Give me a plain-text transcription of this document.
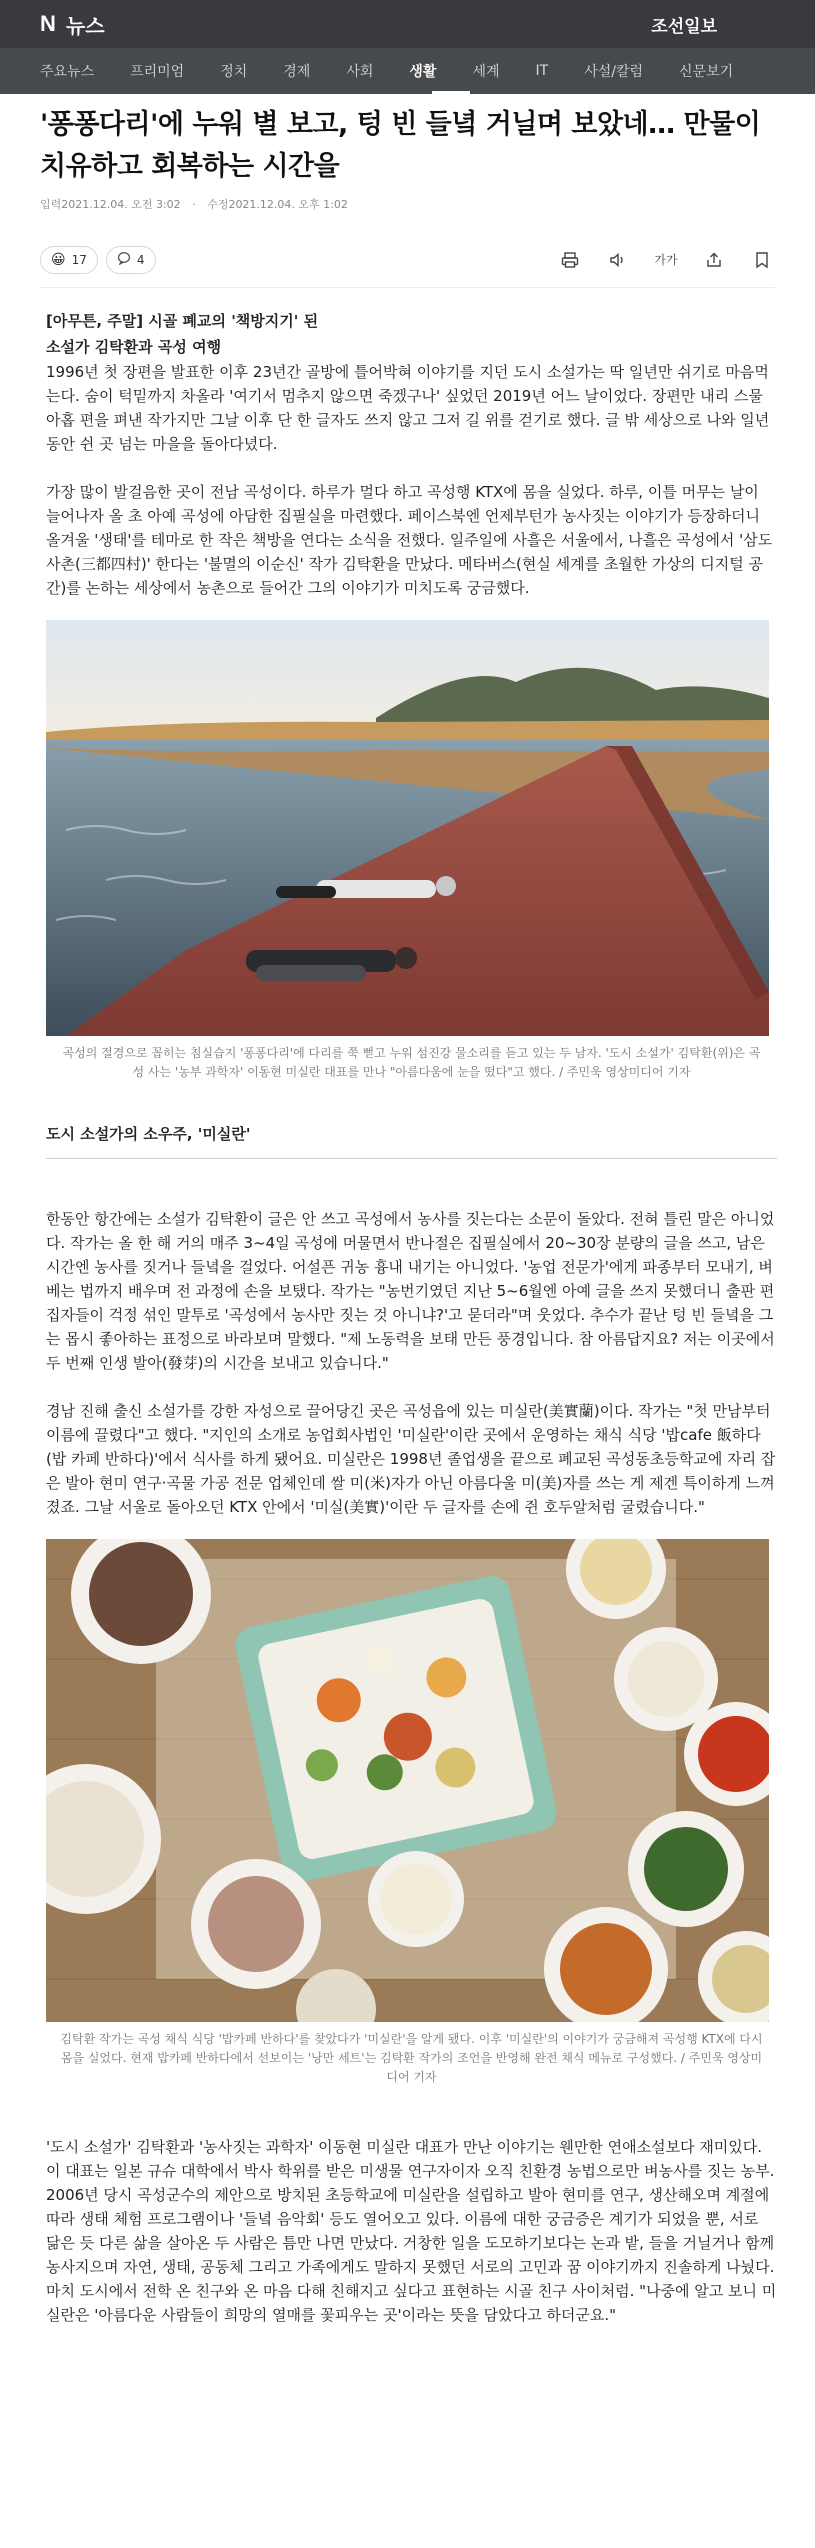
N 뉴스	조선일보
주요뉴스	프리미엄	정치	경제	사회	생활	세계	IT	사설/칼럼	신문보기
'퐁퐁다리'에 누워 별 보고, 텅 빈 들녘 거닐며 보았네… 만물이 치유하고 회복하는 시간을
입력2021.12.04. 오전 3:02 · 수정2021.12.04. 오후 1:02
😀 17	4	가가
[아무튼, 주말] 시골 폐교의 '책방지기' 된
소설가 김탁환과 곡성 여행

1996년 첫 장편을 발표한 이후 23년간 골방에 틀어박혀 이야기를 지던 도시 소설가는 딱 일년만 쉬기로 마음먹는다. 숨이 턱밑까지 차올라 '여기서 멈추지 않으면 죽겠구나' 싶었던 2019년 어느 날이었다. 장편만 내리 스물아홉 편을 펴낸 작가지만 그날 이후 단 한 글자도 쓰지 않고 그저 길 위를 걷기로 했다. 글 밖 세상으로 나와 일년 동안 쉰 곳 넘는 마을을 돌아다녔다.

가장 많이 발걸음한 곳이 전남 곡성이다. 하루가 멀다 하고 곡성행 KTX에 몸을 실었다. 하루, 이틀 머무는 날이 늘어나자 올 초 아예 곡성에 아담한 집필실을 마련했다. 페이스북엔 언제부턴가 농사짓는 이야기가 등장하더니 올겨울 '생태'를 테마로 한 작은 책방을 연다는 소식을 전했다. 일주일에 사흘은 서울에서, 나흘은 곡성에서 '삼도사촌(三都四村)' 한다는 '불멸의 이순신' 작가 김탁환을 만났다. 메타버스(현실 세계를 초월한 가상의 디지털 공간)를 논하는 세상에서 농촌으로 들어간 그의 이야기가 미치도록 궁금했다.

곡성의 절경으로 꼽히는 침실습지 '퐁퐁다리'에 다리를 쭉 뻗고 누워 섬진강 물소리를 듣고 있는 두 남자. '도시 소설가' 김탁환(위)은 곡성 사는 '농부 과학자' 이동현 미실란 대표를 만나 "아름다움에 눈을 떴다"고 했다. / 주민욱 영상미디어 기자

도시 소설가의 소우주, '미실란'

한동안 항간에는 소설가 김탁환이 글은 안 쓰고 곡성에서 농사를 짓는다는 소문이 돌았다. 전혀 틀린 말은 아니었다. 작가는 올 한 해 거의 매주 3~4일 곡성에 머물면서 반나절은 집필실에서 20~30장 분량의 글을 쓰고, 남은 시간엔 농사를 짓거나 들녘을 걸었다. 어설픈 귀농 흉내 내기는 아니었다. '농업 전문가'에게 파종부터 모내기, 벼 베는 법까지 배우며 전 과정에 손을 보탰다. 작가는 "농번기였던 지난 5~6월엔 아예 글을 쓰지 못했더니 출판 편집자들이 걱정 섞인 말투로 '곡성에서 농사만 짓는 것 아니냐?'고 묻더라"며 웃었다. 추수가 끝난 텅 빈 들녘을 그는 몹시 좋아하는 표정으로 바라보며 말했다. "제 노동력을 보태 만든 풍경입니다. 참 아름답지요? 저는 이곳에서 두 번째 인생 발아(發芽)의 시간을 보내고 있습니다."

경남 진해 출신 소설가를 강한 자성으로 끌어당긴 곳은 곡성읍에 있는 미실란(美實蘭)이다. 작가는 "첫 만남부터 이름에 끌렸다"고 했다. "지인의 소개로 농업회사법인 '미실란'이란 곳에서 운영하는 채식 식당 '밥cafe 飯하다(밥 카페 반하다)'에서 식사를 하게 됐어요. 미실란은 1998년 졸업생을 끝으로 폐교된 곡성동초등학교에 자리 잡은 발아 현미 연구·곡물 가공 전문 업체인데 쌀 미(米)자가 아닌 아름다울 미(美)자를 쓰는 게 제겐 특이하게 느껴졌죠. 그날 서울로 돌아오던 KTX 안에서 '미실(美實)'이란 두 글자를 손에 쥔 호두알처럼 굴렸습니다."

김탁환 작가는 곡성 채식 식당 '밥카페 반하다'를 찾았다가 '미실란'을 알게 됐다. 이후 '미실란'의 이야기가 궁금해져 곡성행 KTX에 다시 몸을 실었다. 현재 밥카페 반하다에서 선보이는 '낭만 세트'는 김탁환 작가의 조언을 반영해 완전 채식 메뉴로 구성했다. / 주민욱 영상미디어 기자

'도시 소설가' 김탁환과 '농사짓는 과학자' 이동현 미실란 대표가 만난 이야기는 웬만한 연애소설보다 재미있다. 이 대표는 일본 규슈 대학에서 박사 학위를 받은 미생물 연구자이자 오직 친환경 농법으로만 벼농사를 짓는 농부. 2006년 당시 곡성군수의 제안으로 방치된 초등학교에 미실란을 설립하고 발아 현미를 연구, 생산해오며 계절에 따라 생태 체험 프로그램이나 '들녘 음악회' 등도 열어오고 있다. 이름에 대한 궁금증은 계기가 되었을 뿐, 서로 닮은 듯 다른 삶을 살아온 두 사람은 틈만 나면 만났다. 거창한 일을 도모하기보다는 논과 밭, 들을 거닐거나 함께 농사지으며 자연, 생태, 공동체 그리고 가족에게도 말하지 못했던 서로의 고민과 꿈 이야기까지 진솔하게 나눴다. 마치 도시에서 전학 온 친구와 온 마음 다해 친해지고 싶다고 표현하는 시골 친구 사이처럼. "나중에 알고 보니 미실란은 '아름다운 사람들이 희망의 열매를 꽃피우는 곳'이라는 뜻을 담았다고 하더군요."
